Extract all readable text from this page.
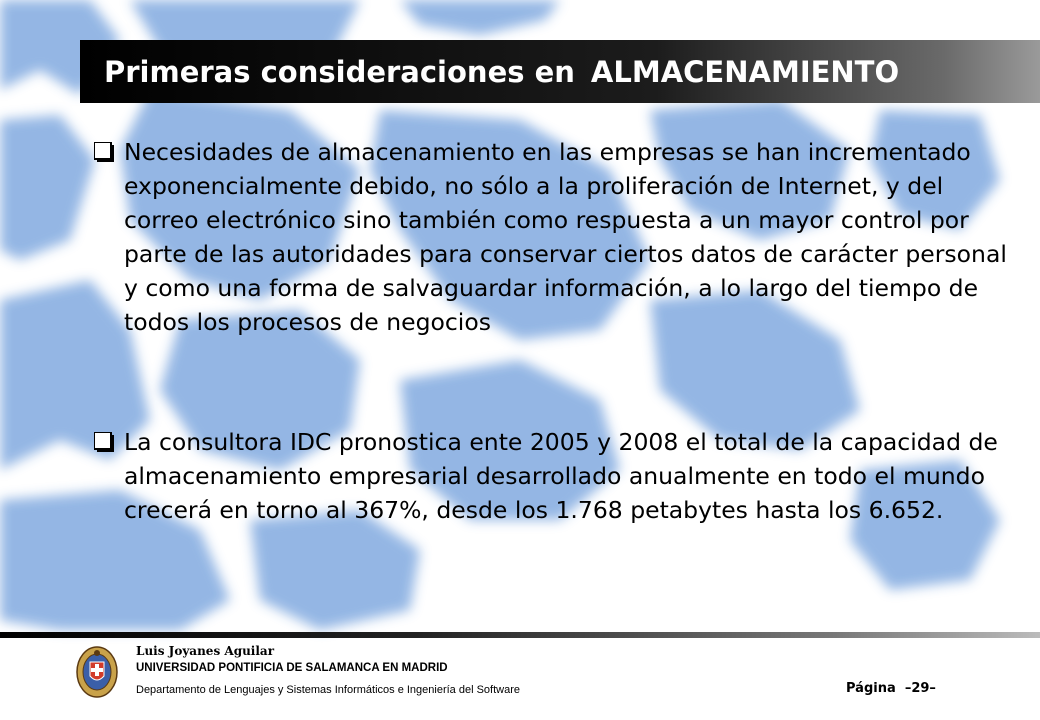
Primeras consideraciones en ALMACENAMIENTO
Necesidades de almacenamiento en las empresas se han incrementado exponencialmente debido, no sólo a la proliferación de Internet, y del correo electrónico sino también como respuesta a un mayor control por parte de las autoridades para conservar ciertos datos de carácter personal y como una forma de salvaguardar información, a lo largo del tiempo de todos los procesos de negocios
La consultora IDC pronostica ente 2005 y 2008 el total de la capacidad de almacenamiento empresarial desarrollado anualmente en todo el mundo crecerá en torno al 367%, desde los 1.768 petabytes hasta los 6.652.
Luis Joyanes Aguilar
UNIVERSIDAD PONTIFICIA DE SALAMANCA EN MADRID
Departamento de Lenguajes y Sistemas Informáticos e Ingeniería del Software	Página –29–
